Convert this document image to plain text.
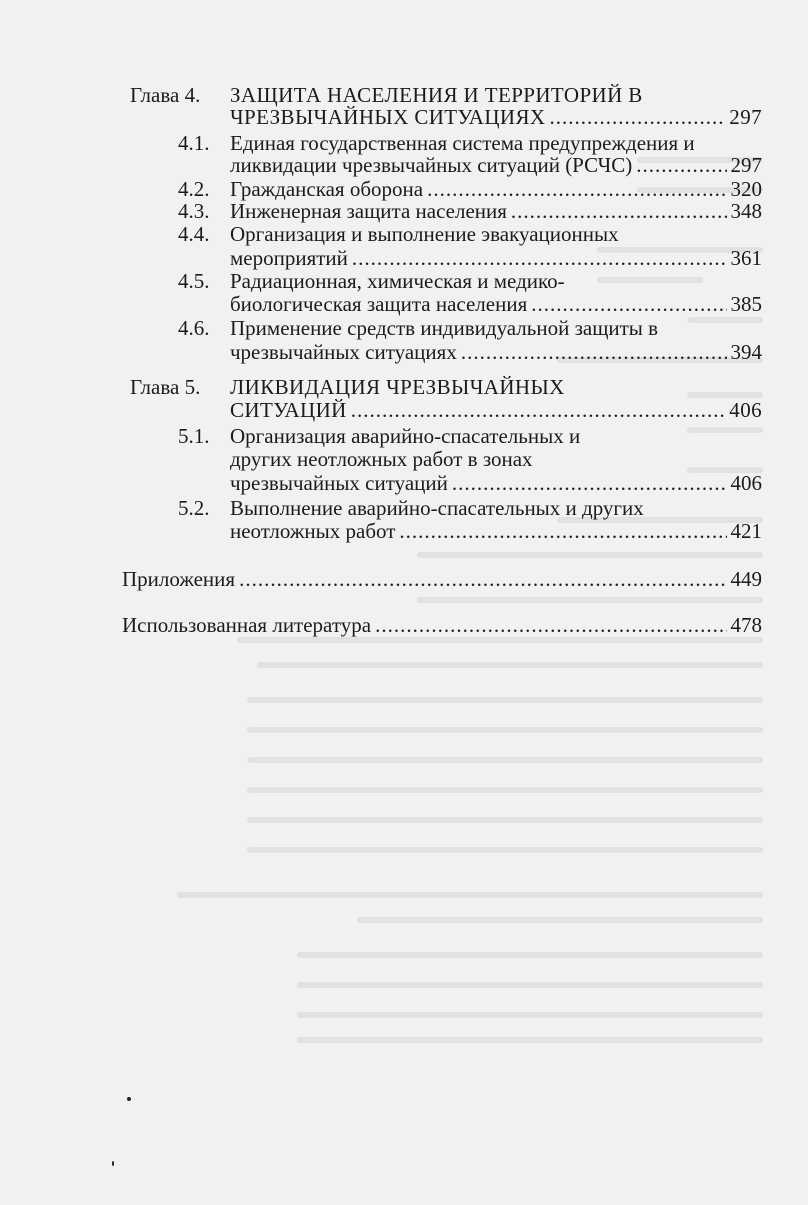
Глава 4. ЗАЩИТА НАСЕЛЕНИЯ И ТЕРРИТОРИЙ В
ЧРЕЗВЫЧАЙНЫХ СИТУАЦИЯХ .....	297
4.1. Единая государственная система предупреждения и
ликвидации чрезвычайных ситуаций (РСЧС) .....	297
4.2. Гражданская оборона .....	320
4.3. Инженерная защита населения .....	348
4.4. Организация и выполнение эвакуационных
мероприятий .....	361
4.5. Радиационная, химическая и медико-
биологическая защита населения .....	385
4.6. Применение средств индивидуальной защиты в
чрезвычайных ситуациях .....	394
Глава 5. ЛИКВИДАЦИЯ ЧРЕЗВЫЧАЙНЫХ
СИТУАЦИЙ .....	406
5.1. Организация аварийно-спасательных и
других неотложных работ в зонах
чрезвычайных ситуаций .....	406
5.2. Выполнение аварийно-спасательных и других
неотложных работ .....	421
Приложения .....	449
Использованная литература .....	478
